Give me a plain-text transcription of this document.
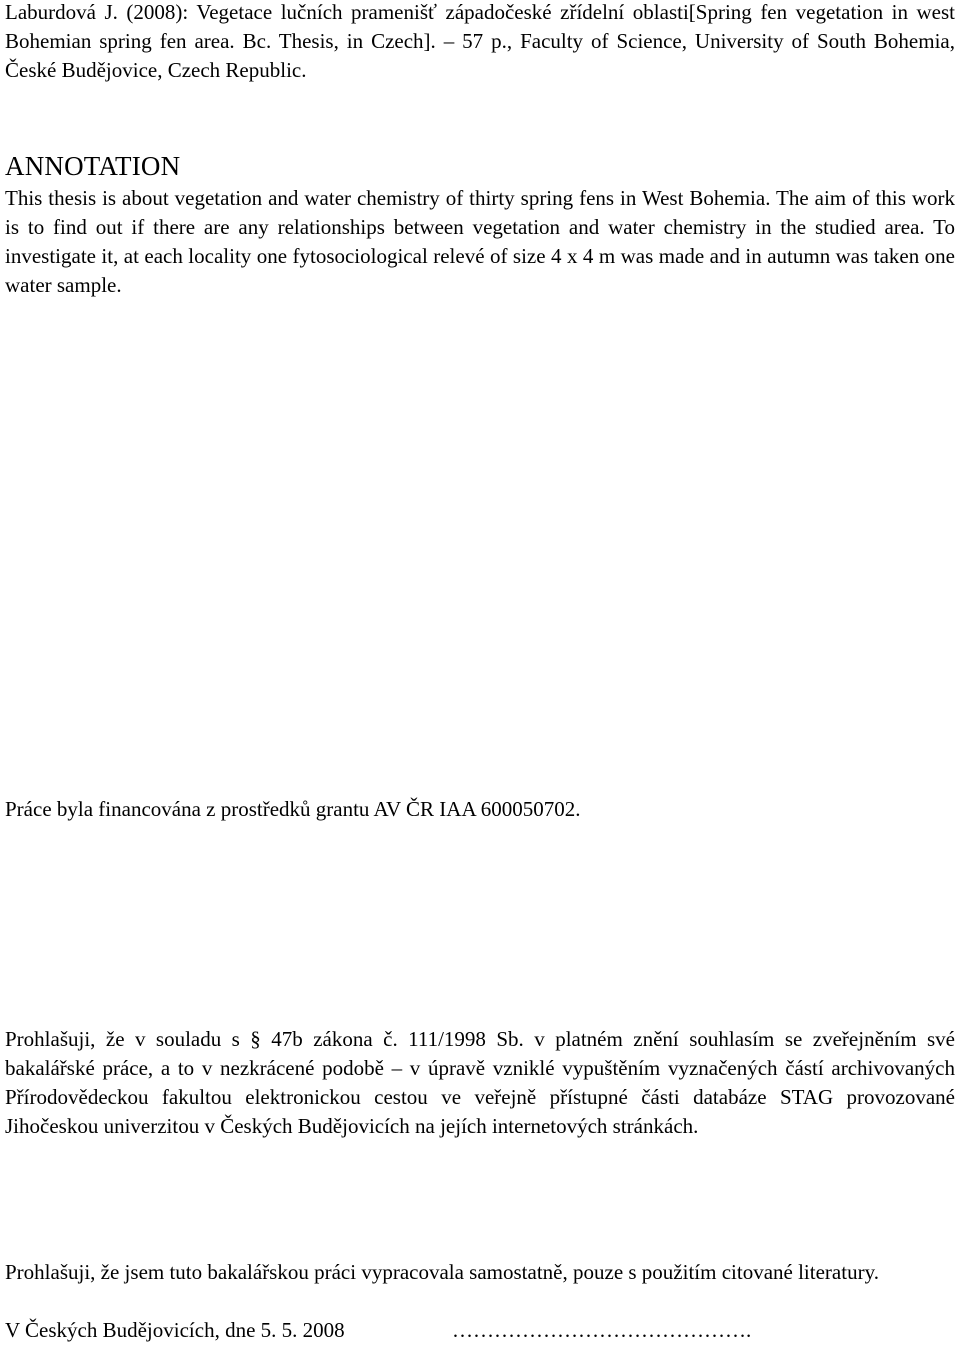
Laburdová J. (2008): Vegetace lučních pramenišť západočeské zřídelní oblasti[Spring fen vegetation in west Bohemian spring fen area. Bc. Thesis, in Czech]. – 57 p., Faculty of Science, University of South Bohemia, České Budějovice, Czech Republic.

ANNOTATION

This thesis is about vegetation and water chemistry of thirty spring fens in West Bohemia. The aim of this work is to find out if there are any relationships between vegetation and water chemistry in the studied area. To investigate it, at each locality one fytosociological relevé of size 4 x 4 m was made and in autumn was taken one water sample.

Práce byla financována z prostředků grantu AV ČR IAA 600050702.

Prohlašuji, že v souladu s § 47b zákona č. 111/1998 Sb. v platném znění souhlasím se zveřejněním své bakalářské práce, a to v nezkrácené podobě – v úpravě vzniklé vypuštěním vyznačených částí archivovaných Přírodovědeckou fakultou elektronickou cestou ve veřejně přístupné části databáze STAG provozované Jihočeskou univerzitou v Českých Budějovicích na jejích internetových stránkách.

Prohlašuji, že jsem tuto bakalářskou práci vypracovala samostatně, pouze s použitím citované literatury.

V Českých Budějovicích, dne 5. 5. 2008	…………………………………….
